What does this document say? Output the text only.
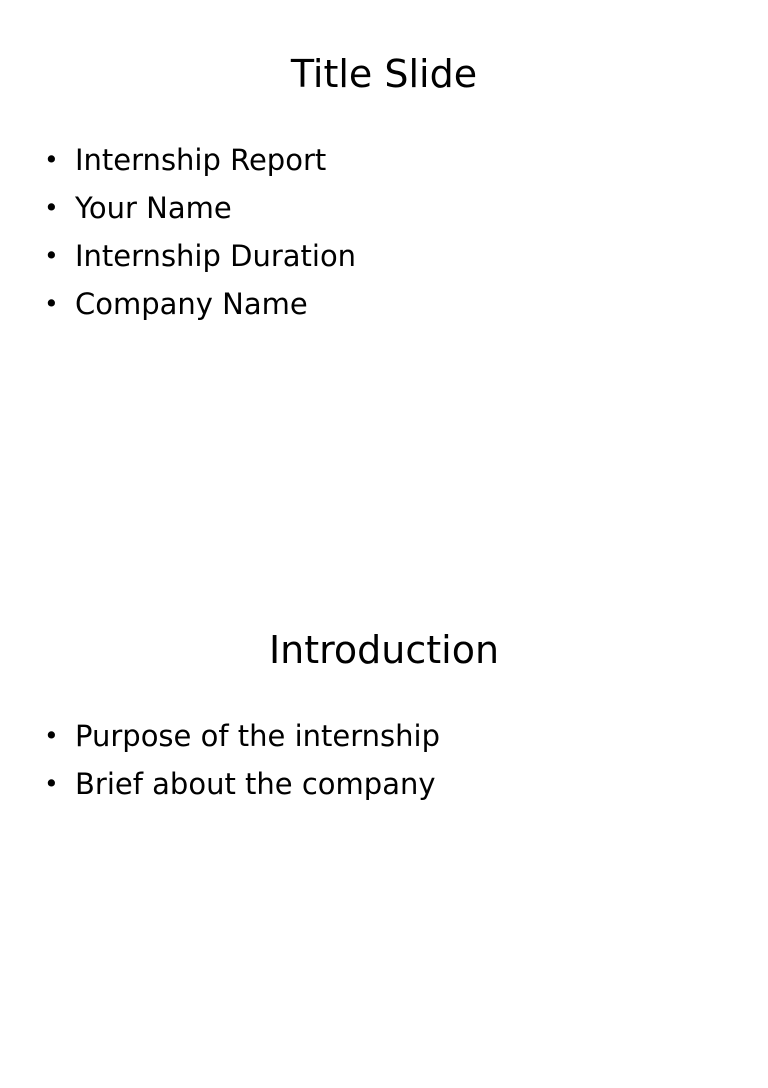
Title Slide
• Internship Report
• Your Name
• Internship Duration
• Company Name
Introduction
• Purpose of the internship
• Brief about the company
